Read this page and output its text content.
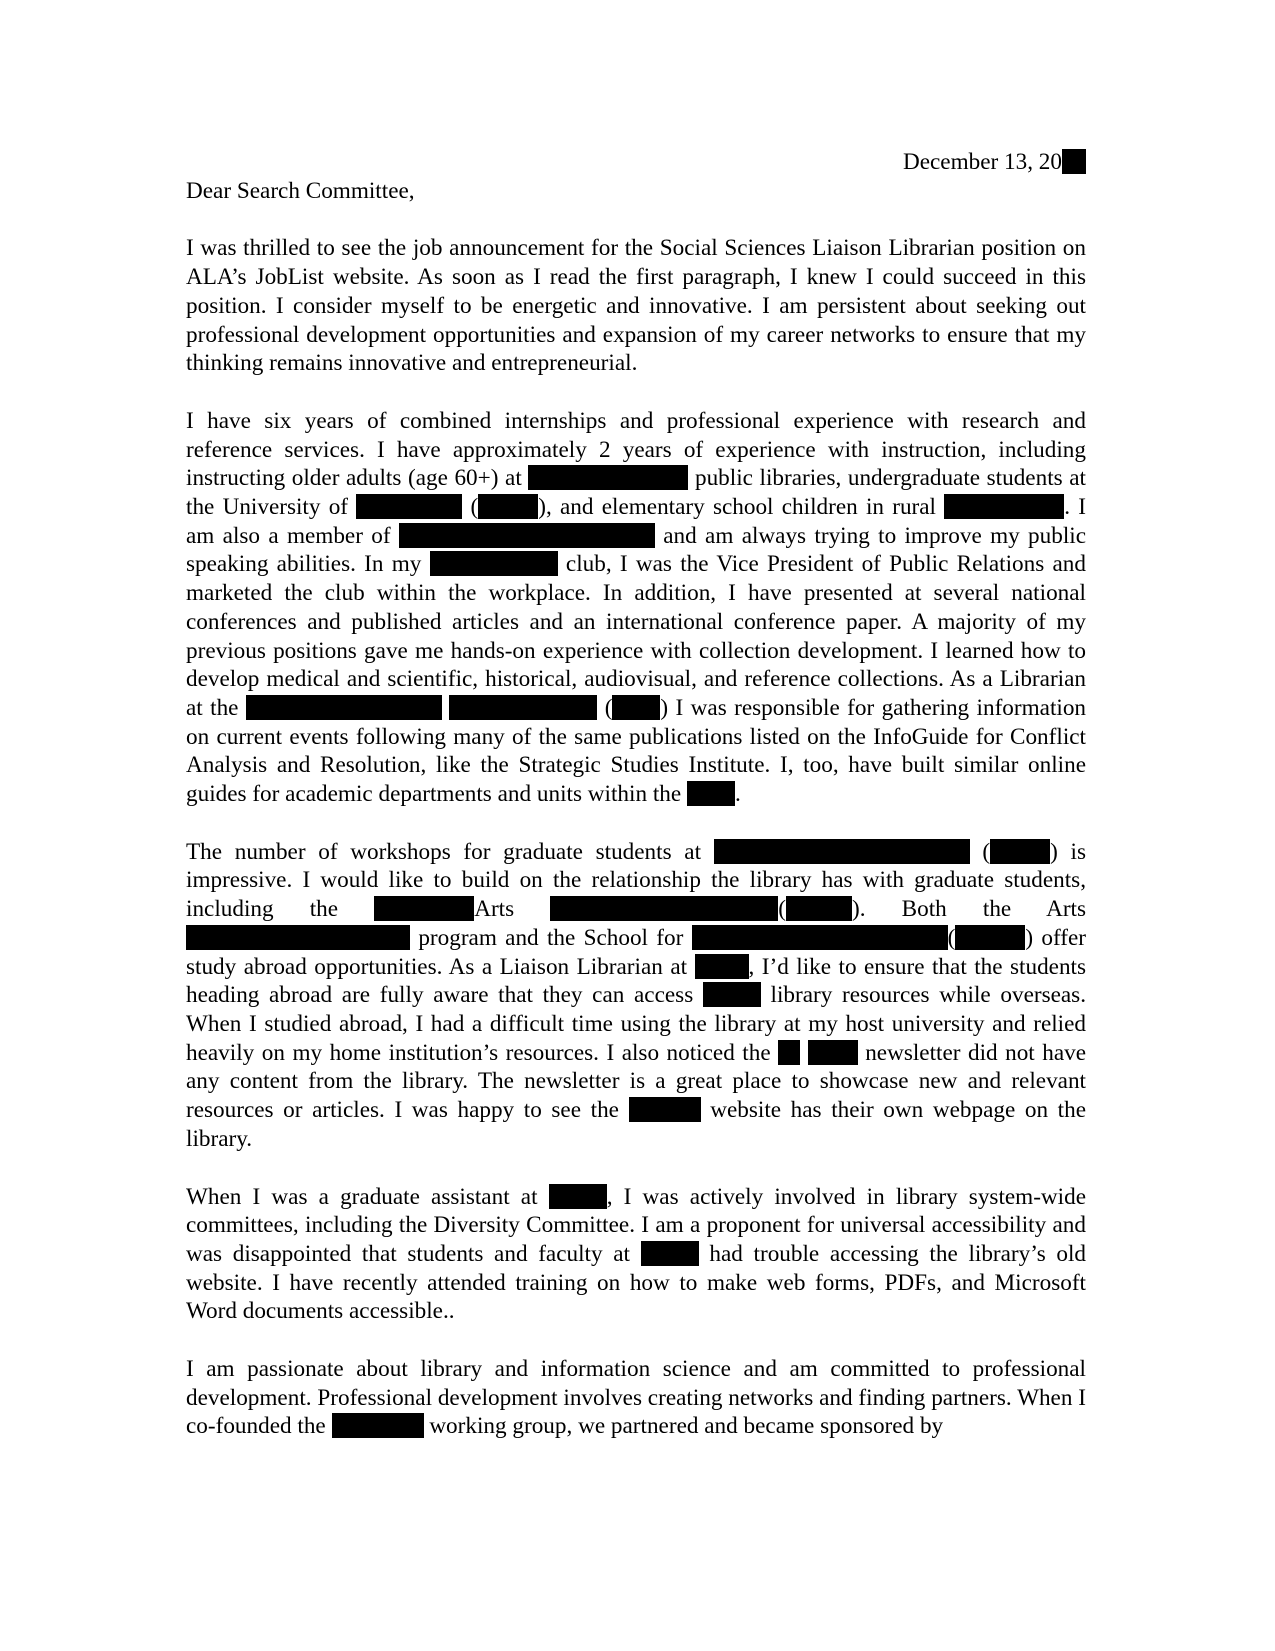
December 13, 20

Dear Search Committee,

I was thrilled to see the job announcement for the Social Sciences Liaison Librarian position on ALA’s JobList website. As soon as I read the first paragraph, I knew I could succeed in this position. I consider myself to be energetic and innovative. I am persistent about seeking out professional development opportunities and expansion of my career networks to ensure that my thinking remains innovative and entrepreneurial.

I have six years of combined internships and professional experience with research and reference services. I have approximately 2 years of experience with instruction, including instructing older adults (age 60+) at	public libraries, undergraduate students at the University of	(	), and elementary school children in rural	. I am also a member of	and am always trying to improve my public speaking abilities. In my	club, I was the Vice President of Public Relations and marketed the club within the workplace. In addition, I have presented at several national conferences and published articles and an international conference paper. A majority of my previous positions gave me hands-on experience with collection development. I learned how to develop medical and scientific, historical, audiovisual, and reference collections. As a Librarian at the	( ) I was responsible for gathering information on current events following many of the same publications listed on the InfoGuide for Conflict Analysis and Resolution, like the Strategic Studies Institute. I, too, have built similar online guides for academic departments and units within the .

The number of workshops for graduate students at	(	) is impressive. I would like to build on the relationship the library has with graduate students, including the	Arts	(	). Both the Arts  program and the School for	(	) offer study abroad opportunities. As a Liaison Librarian at	, I’d like to ensure that the students heading abroad are fully aware that they can access	library resources while overseas. When I studied abroad, I had a difficult time using the library at my host university and relied heavily on my home institution’s resources. I also noticed the	newsletter did not have any content from the library. The newsletter is a great place to showcase new and relevant resources or articles. I was happy to see the	website has their own webpage on the library.

When I was a graduate assistant at	, I was actively involved in library system-wide committees, including the Diversity Committee. I am a proponent for universal accessibility and was disappointed that students and faculty at	had trouble accessing the library’s old website. I have recently attended training on how to make web forms, PDFs, and Microsoft Word documents accessible..

I am passionate about library and information science and am committed to professional development. Professional development involves creating networks and finding partners. When I co-founded the	working group, we partnered and became sponsored by
